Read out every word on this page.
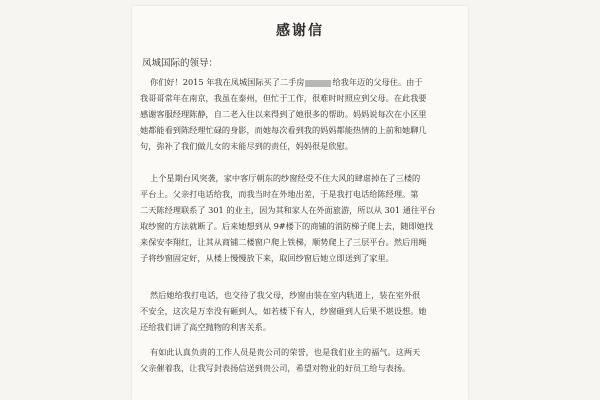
感谢信
凤城国际的领导：
你们好！2015 年我在凤城国际买了二手房	给我年迈的父母住。由于
我哥哥常年在南京，我虽在泰州，但忙于工作，很难时时照应到父母。在此我要
感谢客服经理陈静，自二老入住以来得到了她很多的帮助。妈妈说每次在小区里
她都能看到陈经理忙碌的身影，而她每次看到我的妈妈都能热情的上前和她聊几
句，弥补了我们做儿女的未能尽到的责任，妈妈很是欣慰。
上个星期台风突袭，家中客厅朝东的纱窗经受不住大风的肆虐掉在了三楼的
平台上。父亲打电话给我，而我当时在外地出差，于是我打电话给陈经理。第
二天陈经理联系了 301 的业主，因为其和家人在外面旅游，所以从 301 通往平台
取纱窗的方法就断了。后来她想到从 9#楼下的商铺的消防梯子爬上去，随即她找
来保安李翔红，让其从商铺二楼窗户爬上铁梯，顺势爬上了三层平台。然后用绳
子将纱窗固定好，从楼上慢慢放下来，取回纱窗后她立即送到了家里。
然后她给我打电话，也交待了我父母，纱窗由装在室内轨道上，装在室外很
不安全，这次是万幸没有砸到人，如若楼下有人，纱窗砸到人后果不堪设想。她
还给我们讲了高空抛物的利害关系。
有如此认真负责的工作人员是贵公司的荣誉，也是我们业主的福气。这两天
父亲催着我，让我写封表扬信送到贵公司，希望对物业的好员工给与表扬。
